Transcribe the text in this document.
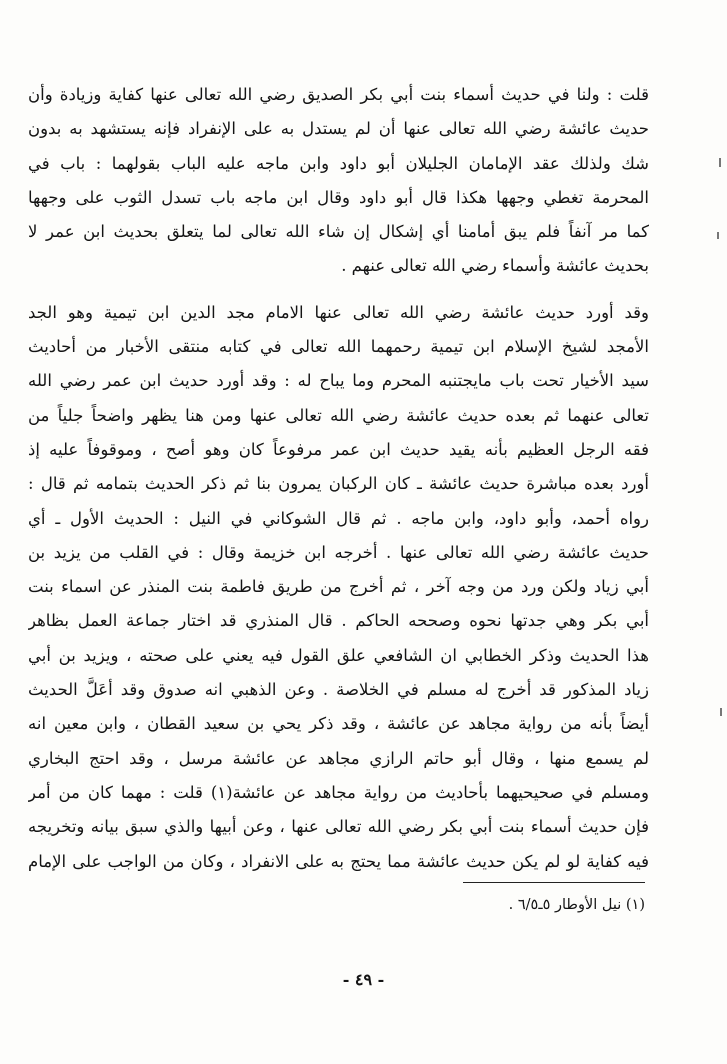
قلت : ولنا في حديث أسماء بنت أبي بكر الصديق رضي الله تعالى عنها كفاية وزيادة وأن
حديث عائشة رضي الله تعالى عنها أن لم يستدل به على الإنفراد فإنه يستشهد به بدون
شك ولذلك عقد الإمامان الجليلان أبو داود وابن ماجه عليه الباب بقولهما : باب في
المحرمة تغطي وجهها هكذا قال أبو داود وقال ابن ماجه باب تسدل الثوب على وجهها
كما مر آنفاً فلم يبق أمامنا أي إشكال إن شاء الله تعالى لما يتعلق بحديث ابن عمر لا
بحديث عائشة وأسماء رضي الله تعالى عنهم .
وقد أورد حديث عائشة رضي الله تعالى عنها الامام مجد الدين ابن تيمية وهو الجد
الأمجد لشيخ الإسلام ابن تيمية رحمهما الله تعالى في كتابه منتقى الأخبار من أحاديث
سيد الأخيار تحت باب مايجتنبه المحرم وما يباح له : وقد أورد حديث ابن عمر رضي الله
تعالى عنهما ثم بعده حديث عائشة رضي الله تعالى عنها ومن هنا يظهر واضحاً جلياً من
فقه الرجل العظيم بأنه يقيد حديث ابن عمر مرفوعاً كان وهو أصح ، وموقوفاً عليه إذ
أورد بعده مباشرة حديث عائشة ـ كان الركبان يمرون بنا ثم ذكر الحديث بتمامه ثم قال :
رواه أحمد، وأبو داود، وابن ماجه . ثم قال الشوكاني في النيل : الحديث الأول ـ أي
حديث عائشة رضي الله تعالى عنها . أخرجه ابن خزيمة وقال : في القلب من يزيد بن
أبي زياد ولكن ورد من وجه آخر ، ثم أخرج من طريق فاطمة بنت المنذر عن اسماء بنت
أبي بكر وهي جدتها نحوه وصححه الحاكم . قال المنذري قد اختار جماعة العمل بظاهر
هذا الحديث وذكر الخطابي ان الشافعي علق القول فيه يعني على صحته ، ويزيد بن أبي
زياد المذكور قد أخرج له مسلم في الخلاصة . وعن الذهبي انه صدوق وقد أعَلَّ الحديث
أيضاً بأنه من رواية مجاهد عن عائشة ، وقد ذكر يحي بن سعيد القطان ، وابن معين انه
لم يسمع منها ، وقال أبو حاتم الرازي مجاهد عن عائشة مرسل ، وقد احتج البخاري
ومسلم في صحيحيهما بأحاديث من رواية مجاهد عن عائشة(١) قلت : مهما كان من أمر
فإن حديث أسماء بنت أبي بكر رضي الله تعالى عنها ، وعن أبيها والذي سبق بيانه وتخريجه
فيه كفاية لو لم يكن حديث عائشة مما يحتج به على الانفراد ، وكان من الواجب على الإمام
(١) نيل الأوطار ٥ـ٦/٥ .
- ٤٩ -
